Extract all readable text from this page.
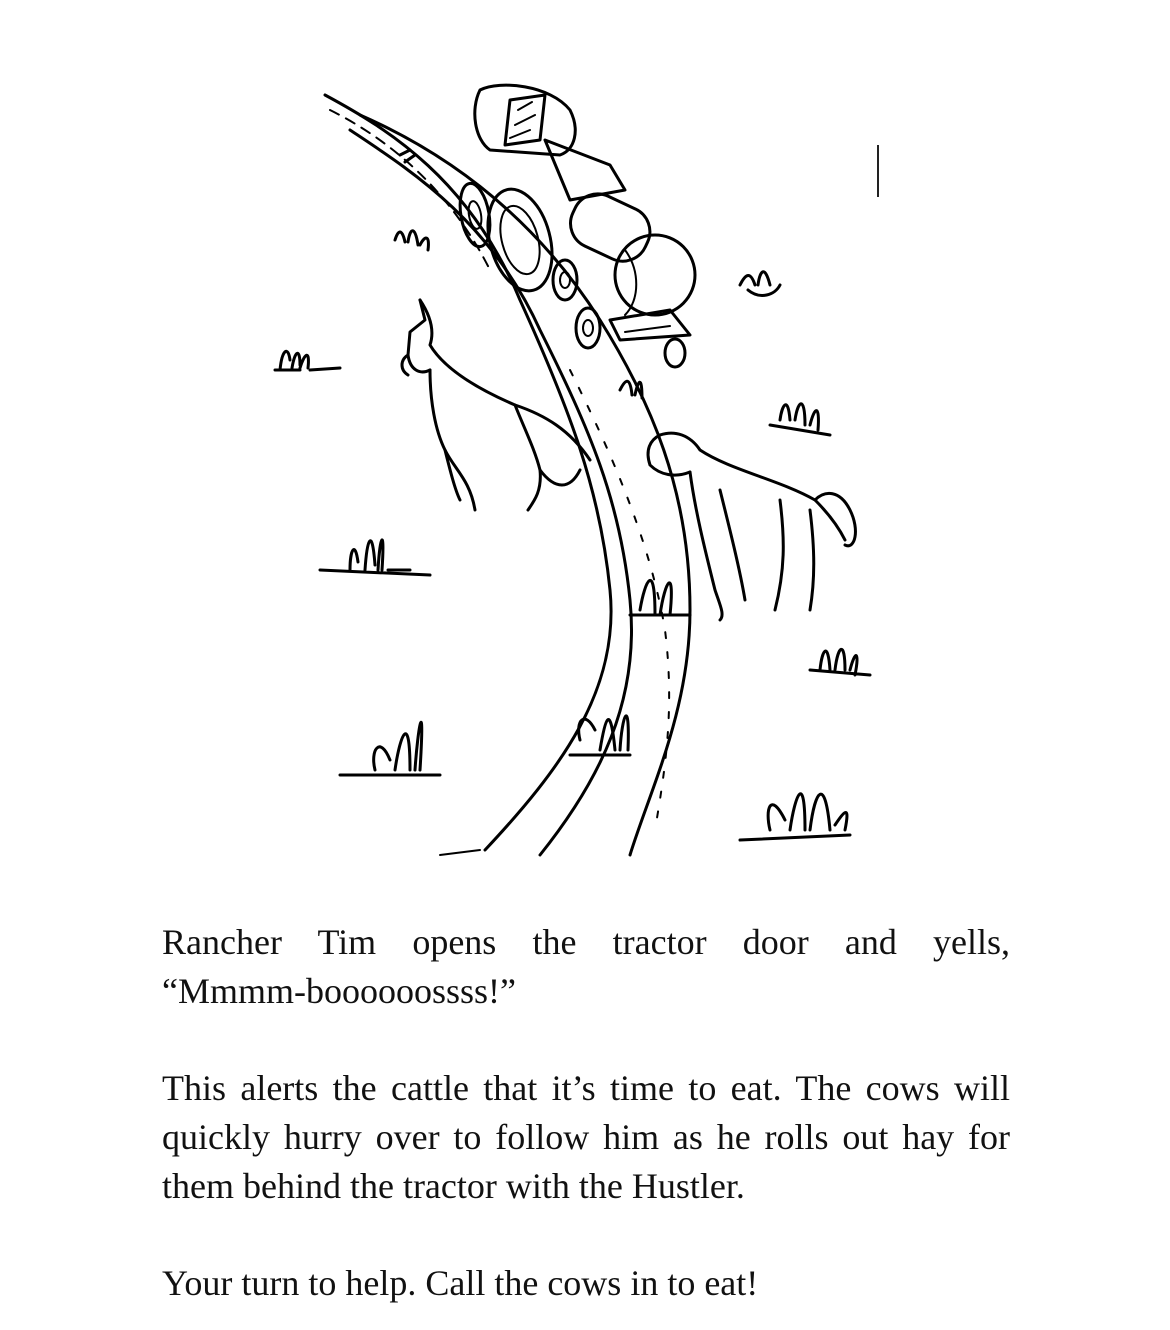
Rancher Tim opens the tractor door and yells,
“Mmmm-boooooossss!”

This alerts the cattle that it’s time to eat. The cows will quickly hurry over to follow him as he rolls out hay for them behind the tractor with the Hustler.

Your turn to help. Call the cows in to eat!
